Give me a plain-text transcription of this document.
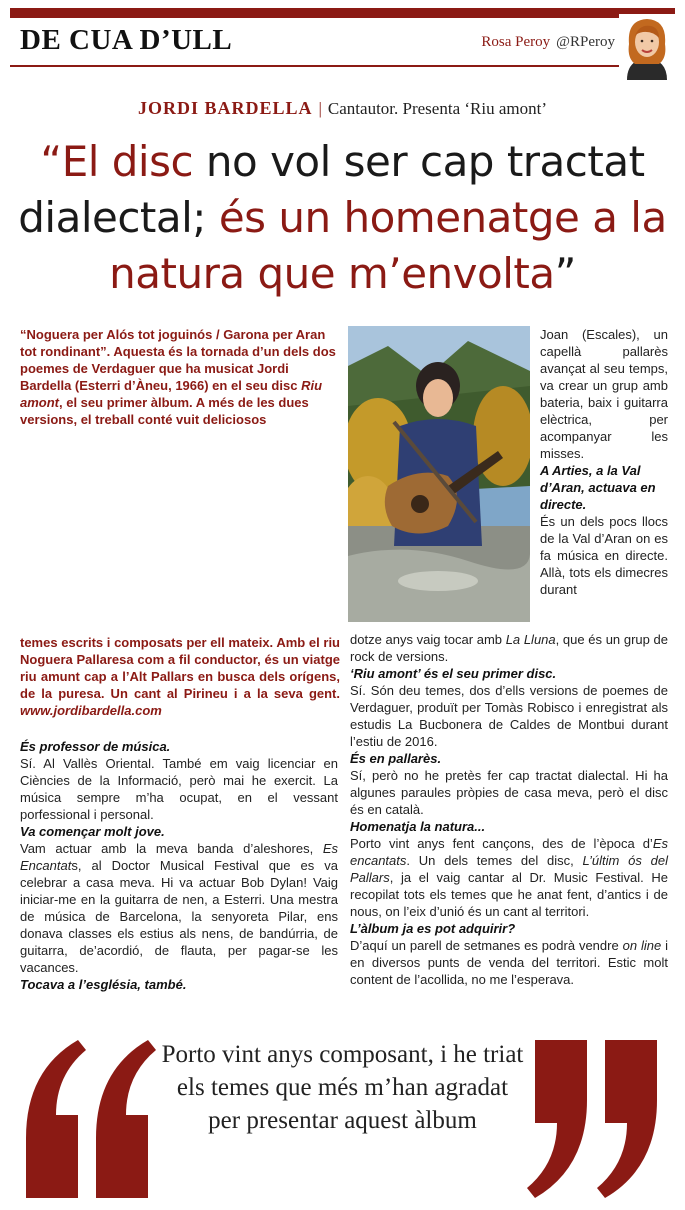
DE CUA D’ULL	Rosa Peroy @RPeroy
JORDI BARDELLA | Cantautor. Presenta ‘Riu amont’
“El disc no vol ser cap tractat dialectal; és un homenatge a la natura que m’envolta”
“Noguera per Alós tot joguinós / Garona per Aran tot rondinant”. Aquesta és la tornada d’un dels dos poemes de Verdaguer que ha musicat Jordi Bardella (Esterri d’Àneu, 1966) en el seu disc Riu amont, el seu primer àlbum. A més de les dues versions, el treball conté vuit deliciosos

Joan (Escales), un capellà pallarès avançat al seu temps, va crear un grup amb bateria, baix i guitarra elèctrica, per acompanyar les misses.

A Arties, a la Val d’Aran, actuava en directe.

És un dels pocs llocs de la Val d’Aran on es fa música en directe. Allà, tots els dimecres durant

temes escrits i composats per ell mateix. Amb el riu Noguera Pallaresa com a fil conductor, és un viatge riu amunt cap a l’Alt Pallars en busca dels orígens, de la puresa. Un cant al Pirineu i a la seva gent. www.jordibardella.com

És professor de música.

Sí. Al Vallès Oriental. També em vaig licenciar en Ciències de la Informació, però mai he exercit. La música sempre m’ha ocupat, en el vessant porfessional i personal.

Va començar molt jove.

Vam actuar amb la meva banda d’aleshores, Es Encantats, al Doctor Musical Festival que es va celebrar a casa meva. Hi va actuar Bob Dylan! Vaig iniciar-me en la guitarra de nen, a Esterri. Una mestra de música de Barcelona, la senyoreta Pilar, ens donava classes els estius als nens, de bandúrria, de guitarra, de’acordió, de flauta, per pagar-se les vacances.

Tocava a l’església, també.

dotze anys vaig tocar amb La Lluna, que és un grup de rock de versions.

‘Riu amont’ és el seu primer disc.

Sí. Són deu temes, dos d’ells versions de poemes de Verdaguer, produït per Tomàs Robisco i enregistrat als estudis La Bucbonera de Caldes de Montbui durant l’estiu de 2016.

És en pallarès.

Sí, però no he pretès fer cap tractat dialectal. Hi ha algunes paraules pròpies de casa meva, però el disc és en català.

Homenatja la natura...

Porto vint anys fent cançons, des de l’època d’Es encantats. Un dels temes del disc, L’últim ós del Pallars, ja el vaig cantar al Dr. Music Festival. He recopilat tots els temes que he anat fent, d’antics i de nous, on l’eix d’unió és un cant al territori.

L’àlbum ja es pot adquirir?

D’aquí un parell de setmanes es podrà vendre on line i en diversos punts de venda del territori. Estic molt content de l’acollida, no me l’esperava.

Porto vint anys composant, i he triat els temes que més m’han agradat per presentar aquest àlbum
